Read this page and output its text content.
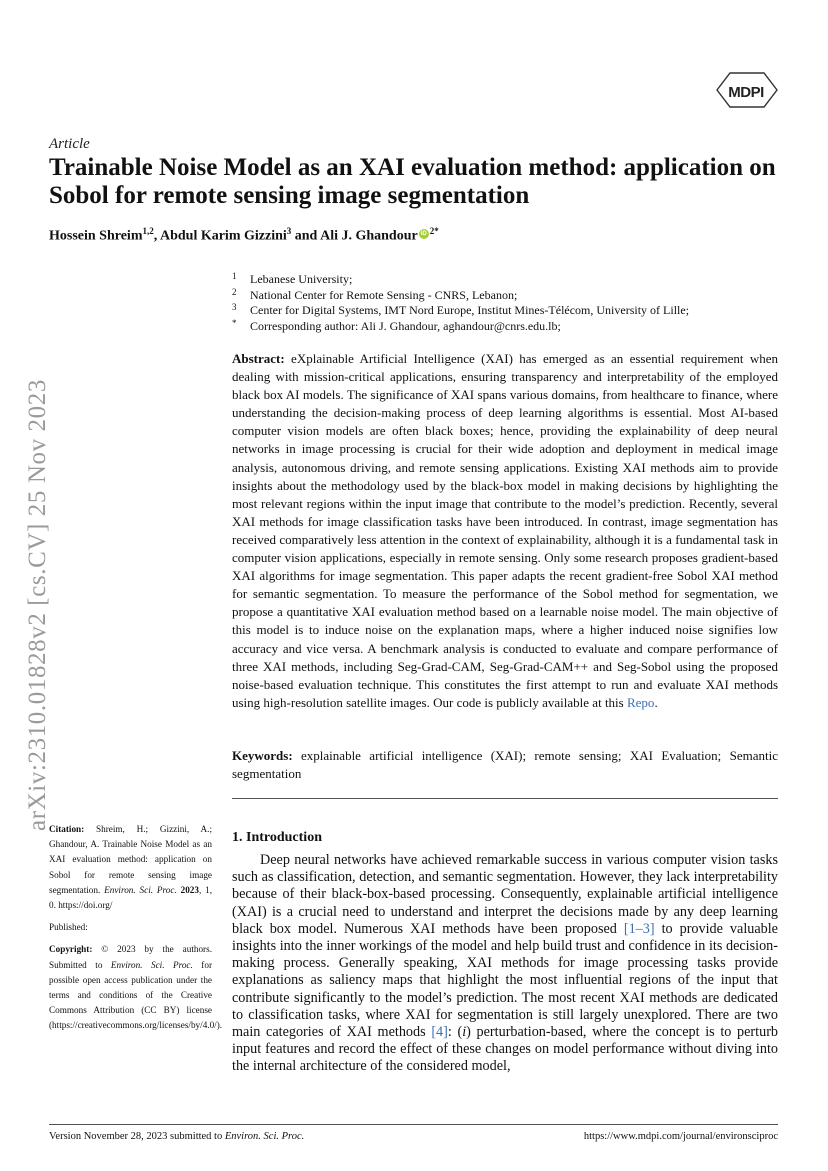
MDPI
Article
Trainable Noise Model as an XAI evaluation method: application on Sobol for remote sensing image segmentation
Hossein Shreim$^{1,2}$, Abdul Karim Gizzini$^3$ and Ali J. Ghandour iD $^{2*}$
1 Lebanese University;
2 National Center for Remote Sensing - CNRS, Lebanon;
3 Center for Digital Systems, IMT Nord Europe, Institut Mines-Télécom, University of Lille;
* Corresponding author: Ali J. Ghandour, aghandour@cnrs.edu.lb;

Abstract: eXplainable Artificial Intelligence (XAI) has emerged as an essential requirement when dealing with mission-critical applications, ensuring transparency and interpretability of the employed black box AI models. The significance of XAI spans various domains, from healthcare to finance, where understanding the decision-making process of deep learning algorithms is essential. Most AI-based computer vision models are often black boxes; hence, providing the explainability of deep neural networks in image processing is crucial for their wide adoption and deployment in medical image analysis, autonomous driving, and remote sensing applications. Existing XAI methods aim to provide insights about the methodology used by the black-box model in making decisions by highlighting the most relevant regions within the input image that contribute to the model’s prediction. Recently, several XAI methods for image classification tasks have been introduced. In contrast, image segmentation has received comparatively less attention in the context of explainability, although it is a fundamental task in computer vision applications, especially in remote sensing. Only some research proposes gradient-based XAI algorithms for image segmentation. This paper adapts the recent gradient-free Sobol XAI method for semantic segmentation. To measure the performance of the Sobol method for segmentation, we propose a quantitative XAI evaluation method based on a learnable noise model. The main objective of this model is to induce noise on the explanation maps, where a higher induced noise signifies low accuracy and vice versa. A benchmark analysis is conducted to evaluate and compare performance of three XAI methods, including Seg-Grad-CAM, Seg-Grad-CAM++ and Seg-Sobol using the proposed noise-based evaluation technique. This constitutes the first attempt to run and evaluate XAI methods using high-resolution satellite images. Our code is publicly available at this Repo.

Keywords: explainable artificial intelligence (XAI); remote sensing; XAI Evaluation; Semantic segmentation

1. Introduction

Deep neural networks have achieved remarkable success in various computer vision tasks such as classification, detection, and semantic segmentation. However, they lack interpretability because of their black-box-based processing. Consequently, explainable artificial intelligence (XAI) is a crucial need to understand and interpret the decisions made by any deep learning black box model. Numerous XAI methods have been proposed [1–3] to provide valuable insights into the inner workings of the model and help build trust and confidence in its decision-making process. Generally speaking, XAI methods for image processing tasks provide explanations as saliency maps that highlight the most influential regions of the input that contribute significantly to the model’s prediction. The most recent XAI methods are dedicated to classification tasks, where XAI for segmentation is still largely unexplored. There are two main categories of XAI methods [4]: (i) perturbation-based, where the concept is to perturb input features and record the effect of these changes on model performance without diving into the internal architecture of the considered model,

arXiv:2310.01828v2 [cs.CV] 25 Nov 2023

Citation: Shreim, H.; Gizzini, A.; Ghandour, A. Trainable Noise Model as an XAI evaluation method: application on Sobol for remote sensing image segmentation. Environ. Sci. Proc. 2023, 1, 0. https://doi.org/

Published:

Copyright: © 2023 by the authors. Submitted to Environ. Sci. Proc. for possible open access publication under the terms and conditions of the Creative Commons Attribution (CC BY) license (https://creativecommons.org/licenses/by/4.0/).

Version November 28, 2023 submitted to Environ. Sci. Proc.	https://www.mdpi.com/journal/environsciproc
